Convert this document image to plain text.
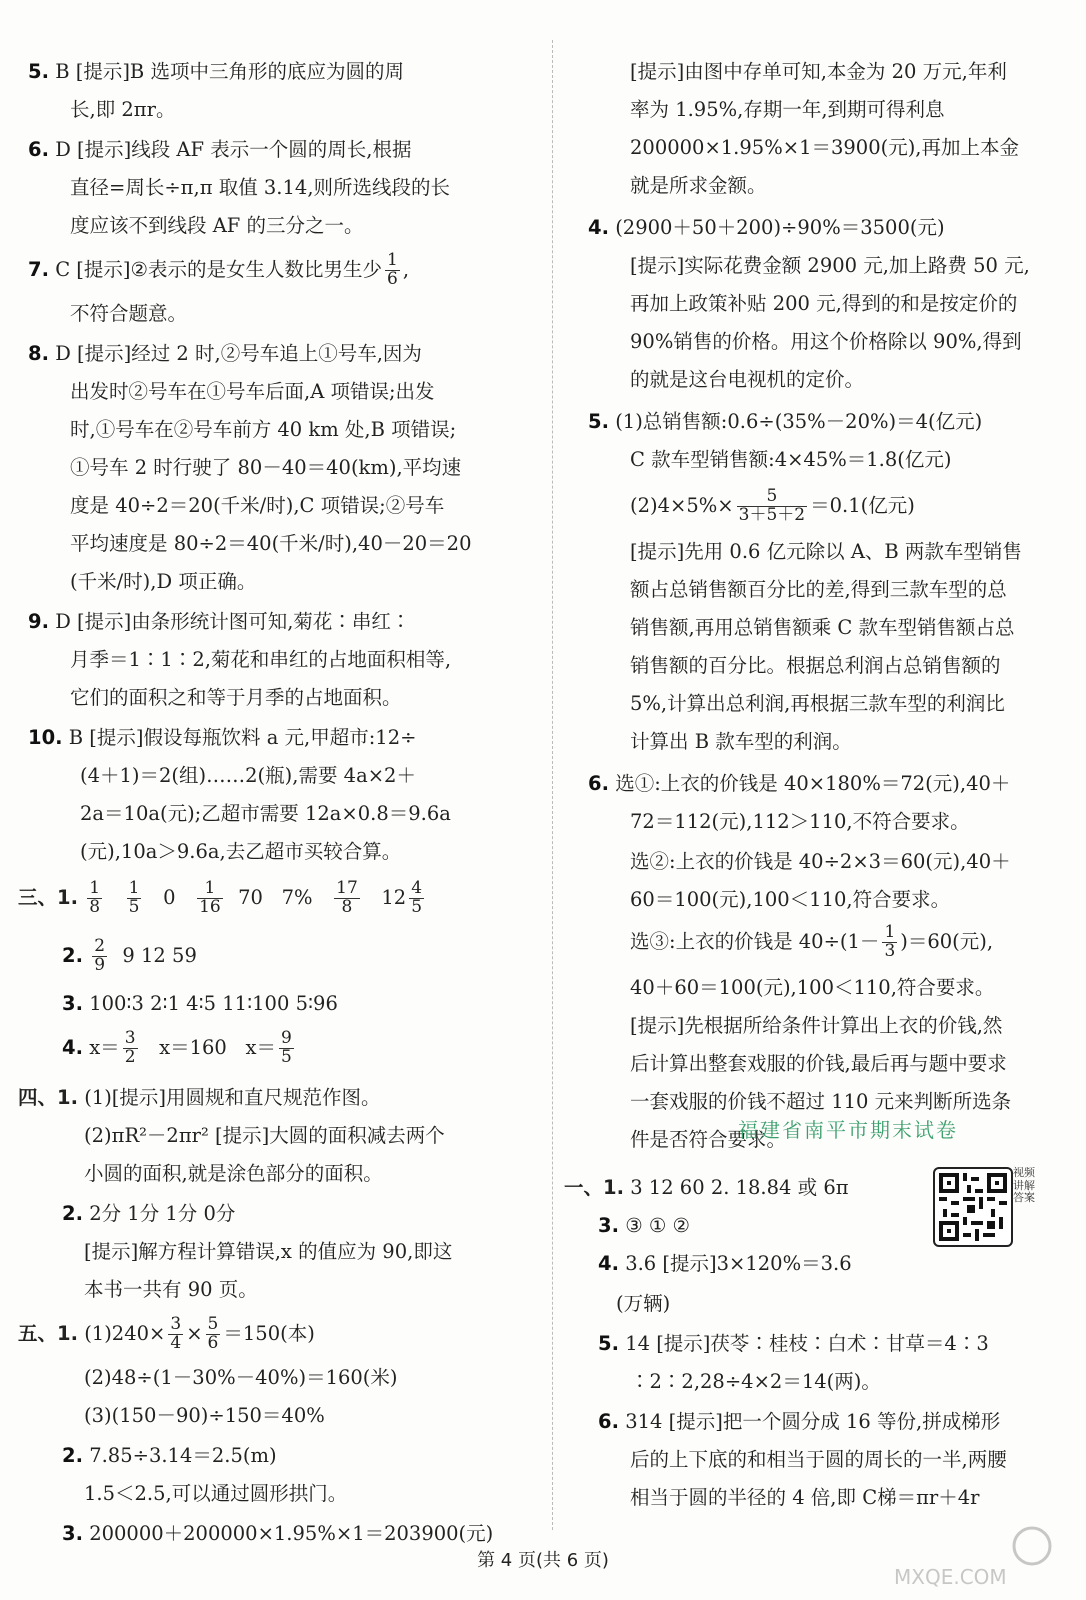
5. B [提示]B 选项中三角形的底应为圆的周
长,即 2πr。
6. D [提示]线段 AF 表示一个圆的周长,根据
直径=周长÷π,π 取值 3.14,则所选线段的长
度应该不到线段 AF 的三分之一。
7. C [提示]②表示的是女生人数比男生少 $\frac{1}{6}$ ,
不符合题意。
8. D [提示]经过 2 时,②号车追上①号车,因为
出发时②号车在①号车后面,A 项错误;出发
时,①号车在②号车前方 40 km 处,B 项错误;
①号车 2 时行驶了 80－40＝40(km),平均速
度是 40÷2＝20(千米/时),C 项错误;②号车
平均速度是 80÷2＝40(千米/时),40－20＝20
(千米/时),D 项正确。
9. D [提示]由条形统计图可知,菊花∶串红∶
月季＝1∶1∶2,菊花和串红的占地面积相等,
它们的面积之和等于月季的占地面积。
10. B [提示]假设每瓶饮料 a 元,甲超市:12÷
(4＋1)＝2(组)……2(瓶),需要 4a×2＋
2a＝10a(元);乙超市需要 12a×0.8＝9.6a
(元),10a＞9.6a,去乙超市买较合算。
三、1. $\frac{1}{8}$
$\frac{1}{5} 0 \frac{1}{16} 70$ $7\% \frac{17}{8} 12 \frac{4}{5}$
2. $\frac{2}{9} 9$ 12 59
3. 100∶3 2∶1 4∶5 11∶100 5∶96
4. $x= \frac{3}{2} x=160$ $x= \frac{9}{5}$
四、1. (1)[提示]用圆规和直尺规范作图。
(2)πR²－2πr² [提示]大圆的面积减去两个
小圆的面积,就是涂色部分的面积。
2. 2分 1分 1分 0分
[提示]解方程计算错误,x 的值应为 90,即这
本书一共有 90 页。
五、1. $(1)240\times \frac{3}{4} \times \frac{5}{6} =150$(本)
(2)48÷(1－30%－40%)＝160(米)
(3)(150－90)÷150＝40%
2. 7.85÷3.14＝2.5(m)
1.5＜2.5,可以通过圆形拱门。
3. 200000＋200000×1.95%×1＝203900(元)
[提示]由图中存单可知,本金为 20 万元,年利
率为 1.95%,存期一年,到期可得利息
200000×1.95%×1＝3900(元),再加上本金
就是所求金额。
4. (2900＋50＋200)÷90%＝3500(元)
[提示]实际花费金额 2900 元,加上路费 50 元,
再加上政策补贴 200 元,得到的和是按定价的
90%销售的价格。用这个价格除以 90%,得到
的就是这台电视机的定价。
5. (1)总销售额:0.6÷(35%－20%)＝4(亿元)
C 款车型销售额:4×45%＝1.8(亿元)
$(2)4\times 5\%\times \frac{5}{3+5+2} =0.1$(亿元)
[提示]先用 0.6 亿元除以 A、B 两款车型销售
额占总销售额百分比的差,得到三款车型的总
销售额,再用总销售额乘 C 款车型销售额占总
销售额的百分比。根据总利润占总销售额的
5%,计算出总利润,再根据三款车型的利润比
计算出 B 款车型的利润。
6. 选①:上衣的价钱是 40×180%＝72(元),40＋
72＝112(元),112＞110,不符合要求。
选②:上衣的价钱是 40÷2×3＝60(元),40＋
60＝100(元),100＜110,符合要求。
选③:上衣的价钱是 $40\div(1- \frac{1}{3} )=60$(元),
40＋60＝100(元),100＜110,符合要求。
[提示]先根据所给条件计算出上衣的价钱,然
后计算出整套戏服的价钱,最后再与题中要求
一套戏服的价钱不超过 110 元来判断所选条
件是否符合要求。
福建省南平市期末试卷
一、1. 3 12 60 2. 18.84 或 6π
3. ③ ① ②
4. 3.6 [提示]3×120%＝3.6
(万辆)
5. 14 [提示]茯苓∶桂枝∶白术∶甘草＝4∶3
∶2∶2,28÷4×2＝14(两)。
6. 314 [提示]把一个圆分成 16 等份,拼成梯形
后的上下底的和相当于圆的周长的一半,两腰
相当于圆的半径的 4 倍,即 C梯＝πr＋4r
视频讲解答案
第 4 页(共 6 页)
MXQE.COM
